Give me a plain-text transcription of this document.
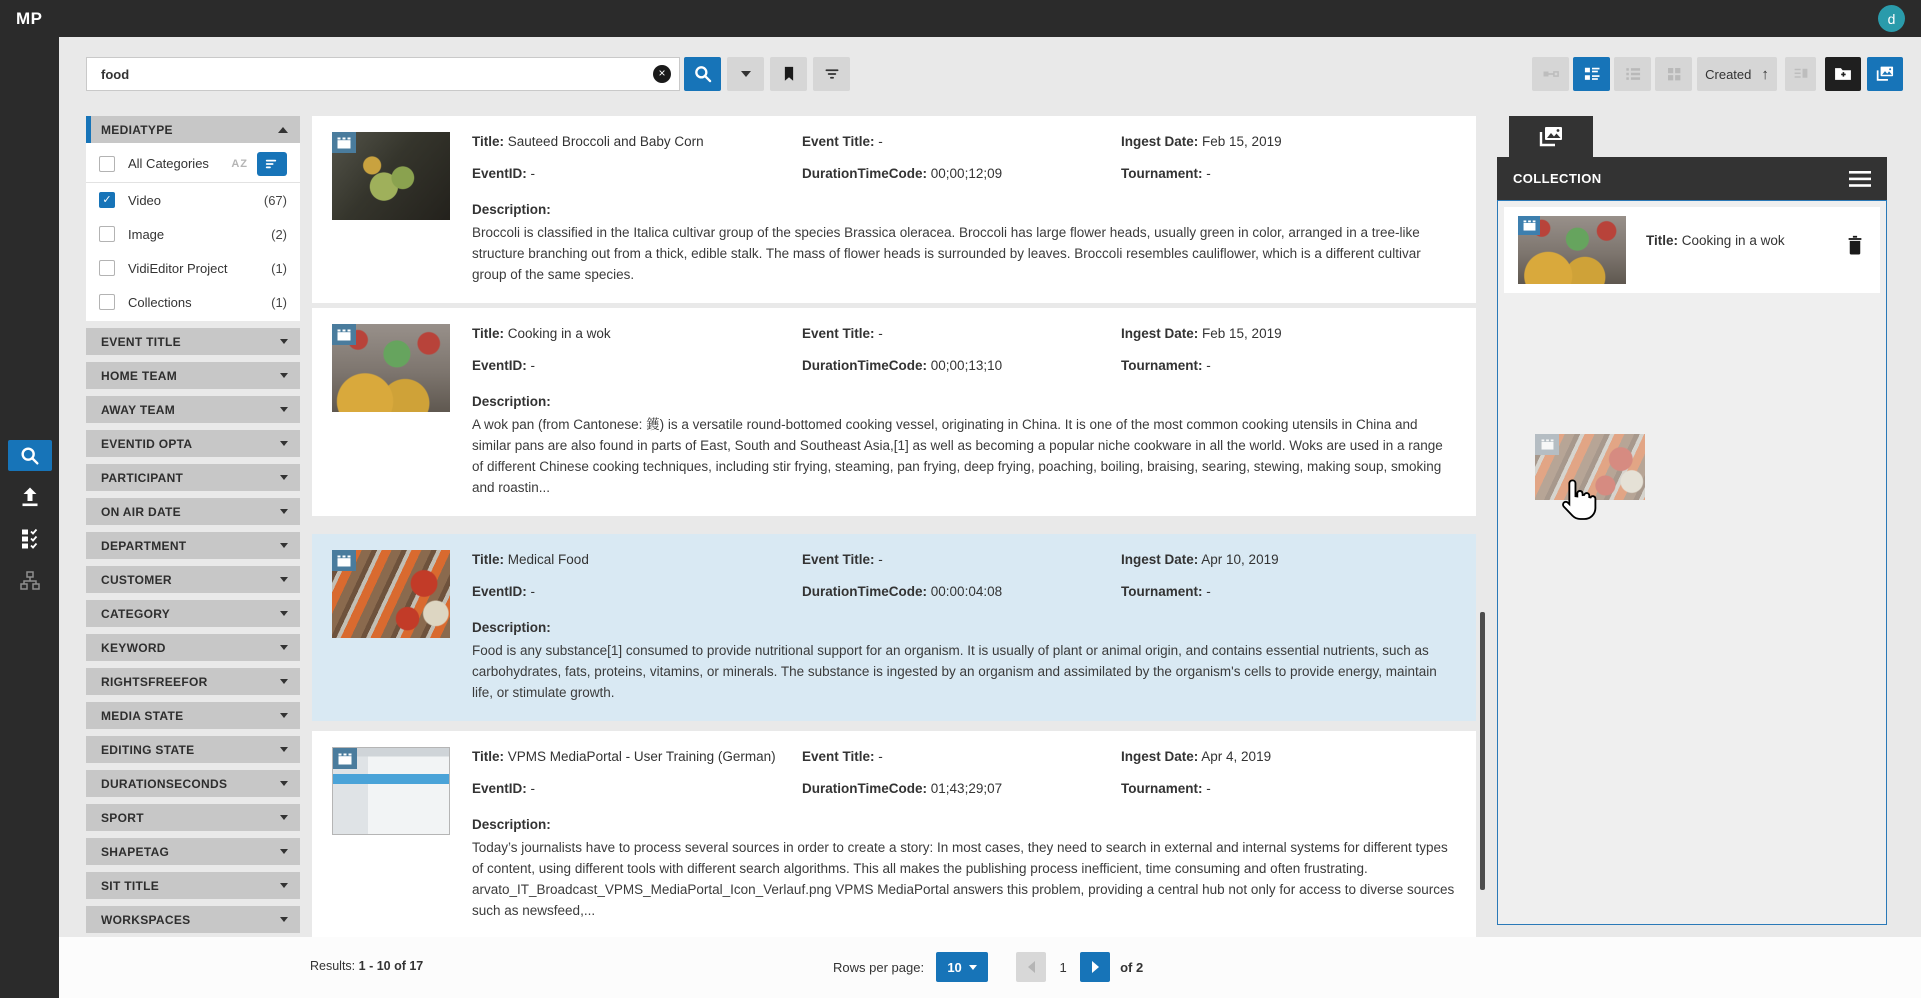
MP	d
food
×	Created ↑
MEDIATYPE
All Categories AZ
✓ Video	(67)
Image	(2)
VidiEditor Project	(1)
Collections	(1)
EVENT TITLE
HOME TEAM
AWAY TEAM
EVENTID OPTA
PARTICIPANT
ON AIR DATE
DEPARTMENT
CUSTOMER
CATEGORY
KEYWORD
RIGHTSFREEFOR
MEDIA STATE
EDITING STATE
DURATIONSECONDS
SPORT
SHAPETAG
SIT TITLE
WORKSPACES
Title: Sauteed Broccoli and Baby Corn	Event Title: -	Ingest Date: Feb 15, 2019
EventID: -	DurationTimeCode: 00;00;12;09	Tournament: -
Description:
Broccoli is classified in the Italica cultivar group of the species Brassica oleracea. Broccoli has large flower heads, usually green in color, arranged in a tree-like structure branching out from a thick, edible stalk. The mass of flower heads is surrounded by leaves. Broccoli resembles cauliflower, which is a different cultivar group of the same species.
Title: Cooking in a wok	Event Title: -	Ingest Date: Feb 15, 2019
EventID: -	DurationTimeCode: 00;00;13;10	Tournament: -
Description:
A wok pan (from Cantonese: 鑊) is a versatile round-bottomed cooking vessel, originating in China. It is one of the most common cooking utensils in China and similar pans are also found in parts of East, South and Southeast Asia,[1] as well as becoming a popular niche cookware in all the world. Woks are used in a range of different Chinese cooking techniques, including stir frying, steaming, pan frying, deep frying, poaching, boiling, braising, searing, stewing, making soup, smoking and roastin...
Title: Medical Food	Event Title: -	Ingest Date: Apr 10, 2019
EventID: -	DurationTimeCode: 00:00:04:08	Tournament: -
Description:
Food is any substance[1] consumed to provide nutritional support for an organism. It is usually of plant or animal origin, and contains essential nutrients, such as carbohydrates, fats, proteins, vitamins, or minerals. The substance is ingested by an organism and assimilated by the organism's cells to provide energy, maintain life, or stimulate growth.
Title: VPMS MediaPortal - User Training (German)	Event Title: -	Ingest Date: Apr 4, 2019
EventID: -	DurationTimeCode: 01;43;29;07	Tournament: -
Description:
Today’s journalists have to process several sources in order to create a story: In most cases, they need to search in external and internal systems for different types of content, using different tools with different search algorithms. This all makes the publishing process inefficient, time consuming and often frustrating. arvato_IT_Broadcast_VPMS_MediaPortal_Icon_Verlauf.png VPMS MediaPortal answers this problem, providing a central hub not only for access to diverse sources such as newsfeed,...
COLLECTION
Title: Cooking in a wok
Results: 1 - 10 of 17	Rows per page: 10	1	of 2
